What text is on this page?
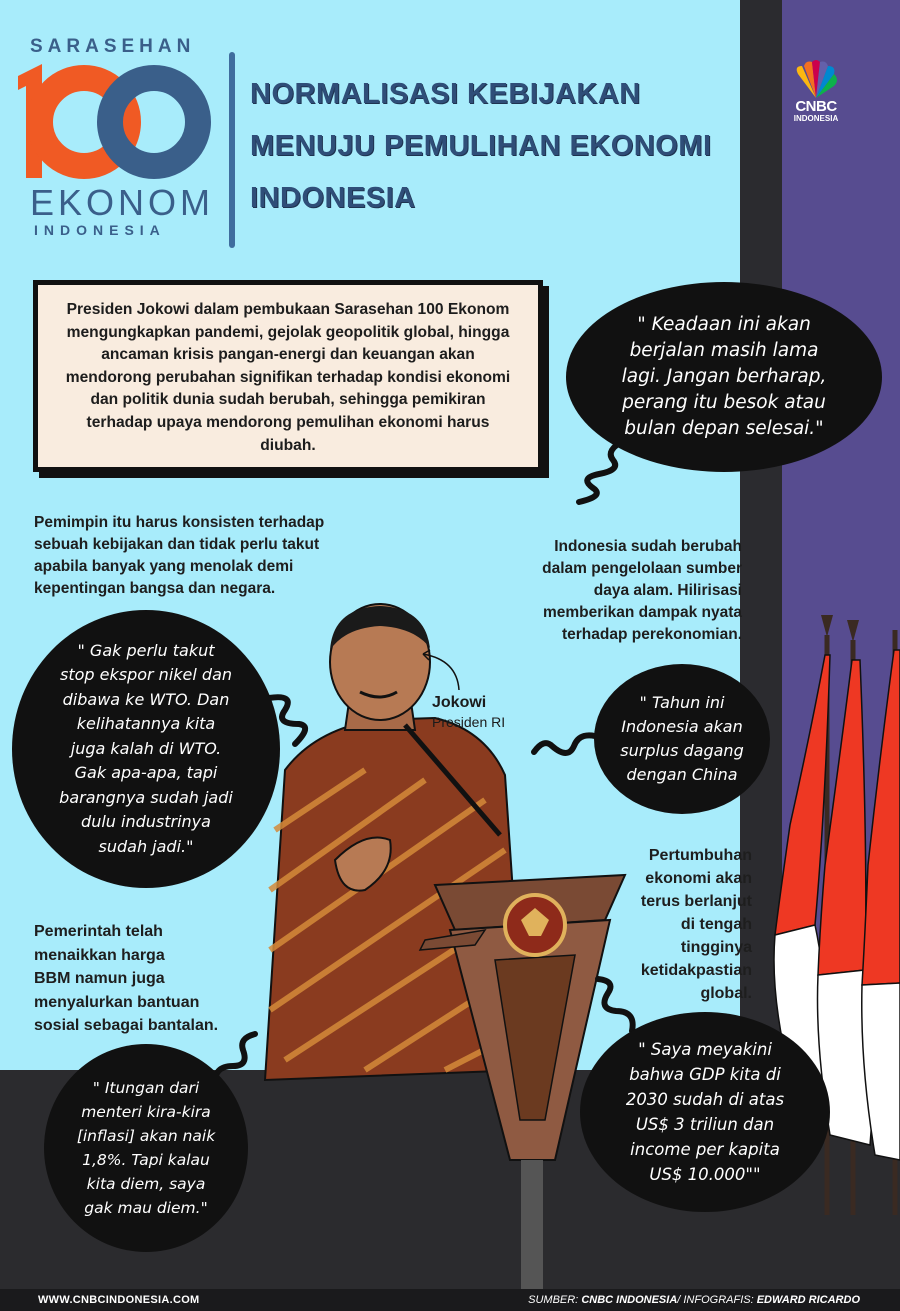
SARASEHAN
EKONOM
INDONESIA
NORMALISASI KEBIJAKAN
MENUJU PEMULIHAN EKONOMI
INDONESIA
CNBC
INDONESIA

Presiden Jokowi dalam pembukaan Sarasehan 100 Ekonom mengungkapkan pandemi, gejolak geopolitik global, hingga ancaman krisis pangan-energi dan keuangan akan mendorong perubahan signifikan terhadap kondisi ekonomi dan politik dunia sudah berubah, sehingga pemikiran terhadap upaya mendorong pemulihan ekonomi harus diubah.

Pemimpin itu harus konsisten terhadap
sebuah kebijakan dan tidak perlu takut
apabila banyak yang menolak demi
kepentingan bangsa dan negara.
Indonesia sudah berubah
dalam pengelolaan sumber
daya alam. Hilirisasi
memberikan dampak nyata
terhadap perekonomian.
Pertumbuhan
ekonomi akan
terus berlanjut
di tengah
tingginya
ketidakpastian
global.
Pemerintah telah
menaikkan harga
BBM namun juga
menyalurkan bantuan
sosial sebagai bantalan.
Jokowi
Presiden RI
" Keadaan ini akan
berjalan masih lama
lagi. Jangan berharap,
perang itu besok atau
bulan depan selesai."
" Gak perlu takut
stop ekspor nikel dan
dibawa ke WTO. Dan
kelihatannya kita
juga kalah di WTO.
Gak apa-apa, tapi
barangnya sudah jadi
dulu industrinya
sudah jadi."
" Tahun ini
Indonesia akan
surplus dagang
dengan China
" Itungan dari
menteri kira-kira
[inflasi] akan naik
1,8%. Tapi kalau
kita diem, saya
gak mau diem."
" Saya meyakini
bahwa GDP kita di
2030 sudah di atas
US$ 3 triliun dan
income per kapita
US$ 10.000""
WWW.CNBCINDONESIA.COM	SUMBER: CNBC INDONESIA/ INFOGRAFIS: EDWARD RICARDO
